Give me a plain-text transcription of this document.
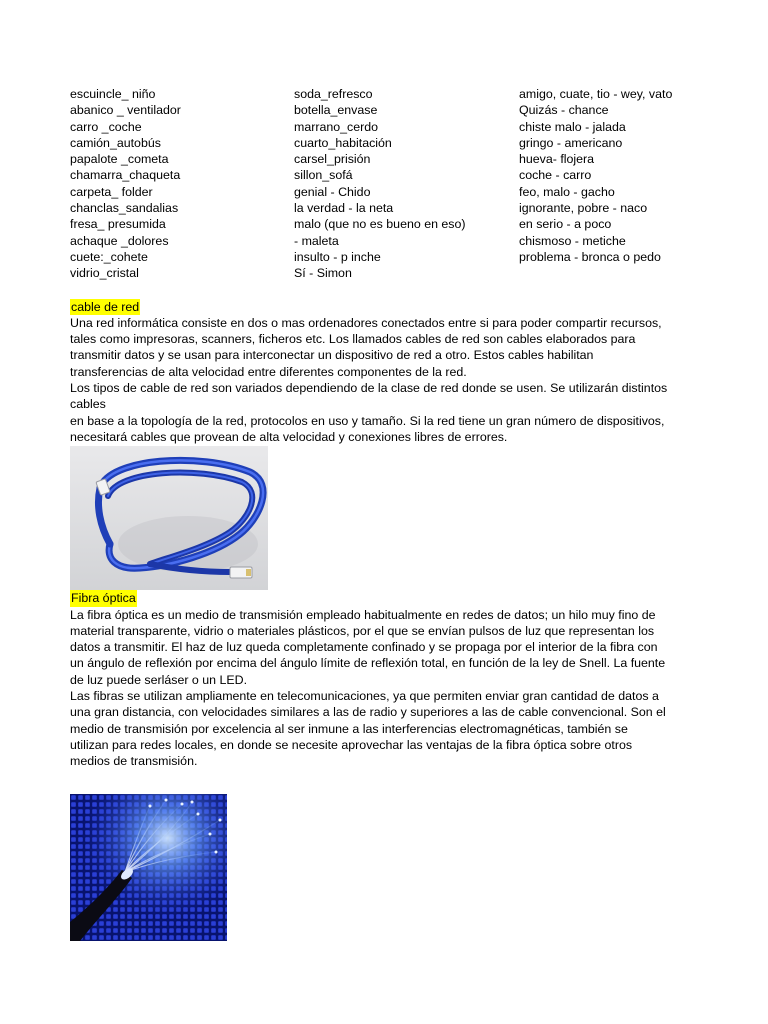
escuincle_ niño
abanico _ ventilador
carro _coche
camión_autobús
papalote _cometa
chamarra_chaqueta
carpeta_ folder
chanclas_sandalias
fresa_ presumida
achaque _dolores
cuete:_cohete
vidrio_cristal
soda_refresco
botella_envase
marrano_cerdo
cuarto_habitación
carsel_prisión
sillon_sofá
genial - Chido
la verdad - la neta
malo (que no es bueno en eso)
- maleta
insulto - p inche
Sí - Simon
amigo, cuate, tio - wey, vato
Quizás - chance
chiste malo - jalada
gringo - americano
hueva- flojera
coche - carro
feo, malo - gacho
ignorante, pobre - naco
en serio - a poco
chismoso - metiche
problema - bronca o pedo
cable de red
Una red informática consiste en dos o mas ordenadores conectados entre si para poder compartir recursos,
tales como impresoras, scanners, ficheros etc. Los llamados cables de red son cables elaborados para
transmitir datos y se usan para interconectar un dispositivo de red a otro. Estos cables habilitan
transferencias de alta velocidad entre diferentes componentes de la red.
Los tipos de cable de red son variados dependiendo de la clase de red donde se usen. Se utilizarán distintos
cables
en base a la topología de la red, protocolos en uso y tamaño. Si la red tiene un gran número de dispositivos,
necesitará cables que provean de alta velocidad y conexiones libres de errores.
Fibra óptica
La fibra óptica es un medio de transmisión empleado habitualmente en redes de datos; un hilo muy fino de
material transparente, vidrio o materiales plásticos, por el que se envían pulsos de luz que representan los
datos a transmitir. El haz de luz queda completamente confinado y se propaga por el interior de la fibra con
un ángulo de reflexión por encima del ángulo límite de reflexión total, en función de la ley de Snell. La fuente
de luz puede serláser o un LED.
Las fibras se utilizan ampliamente en telecomunicaciones, ya que permiten enviar gran cantidad de datos a
una gran distancia, con velocidades similares a las de radio y superiores a las de cable convencional. Son el
medio de transmisión por excelencia al ser inmune a las interferencias electromagnéticas, también se
utilizan para redes locales, en donde se necesite aprovechar las ventajas de la fibra óptica sobre otros
medios de transmisión.
